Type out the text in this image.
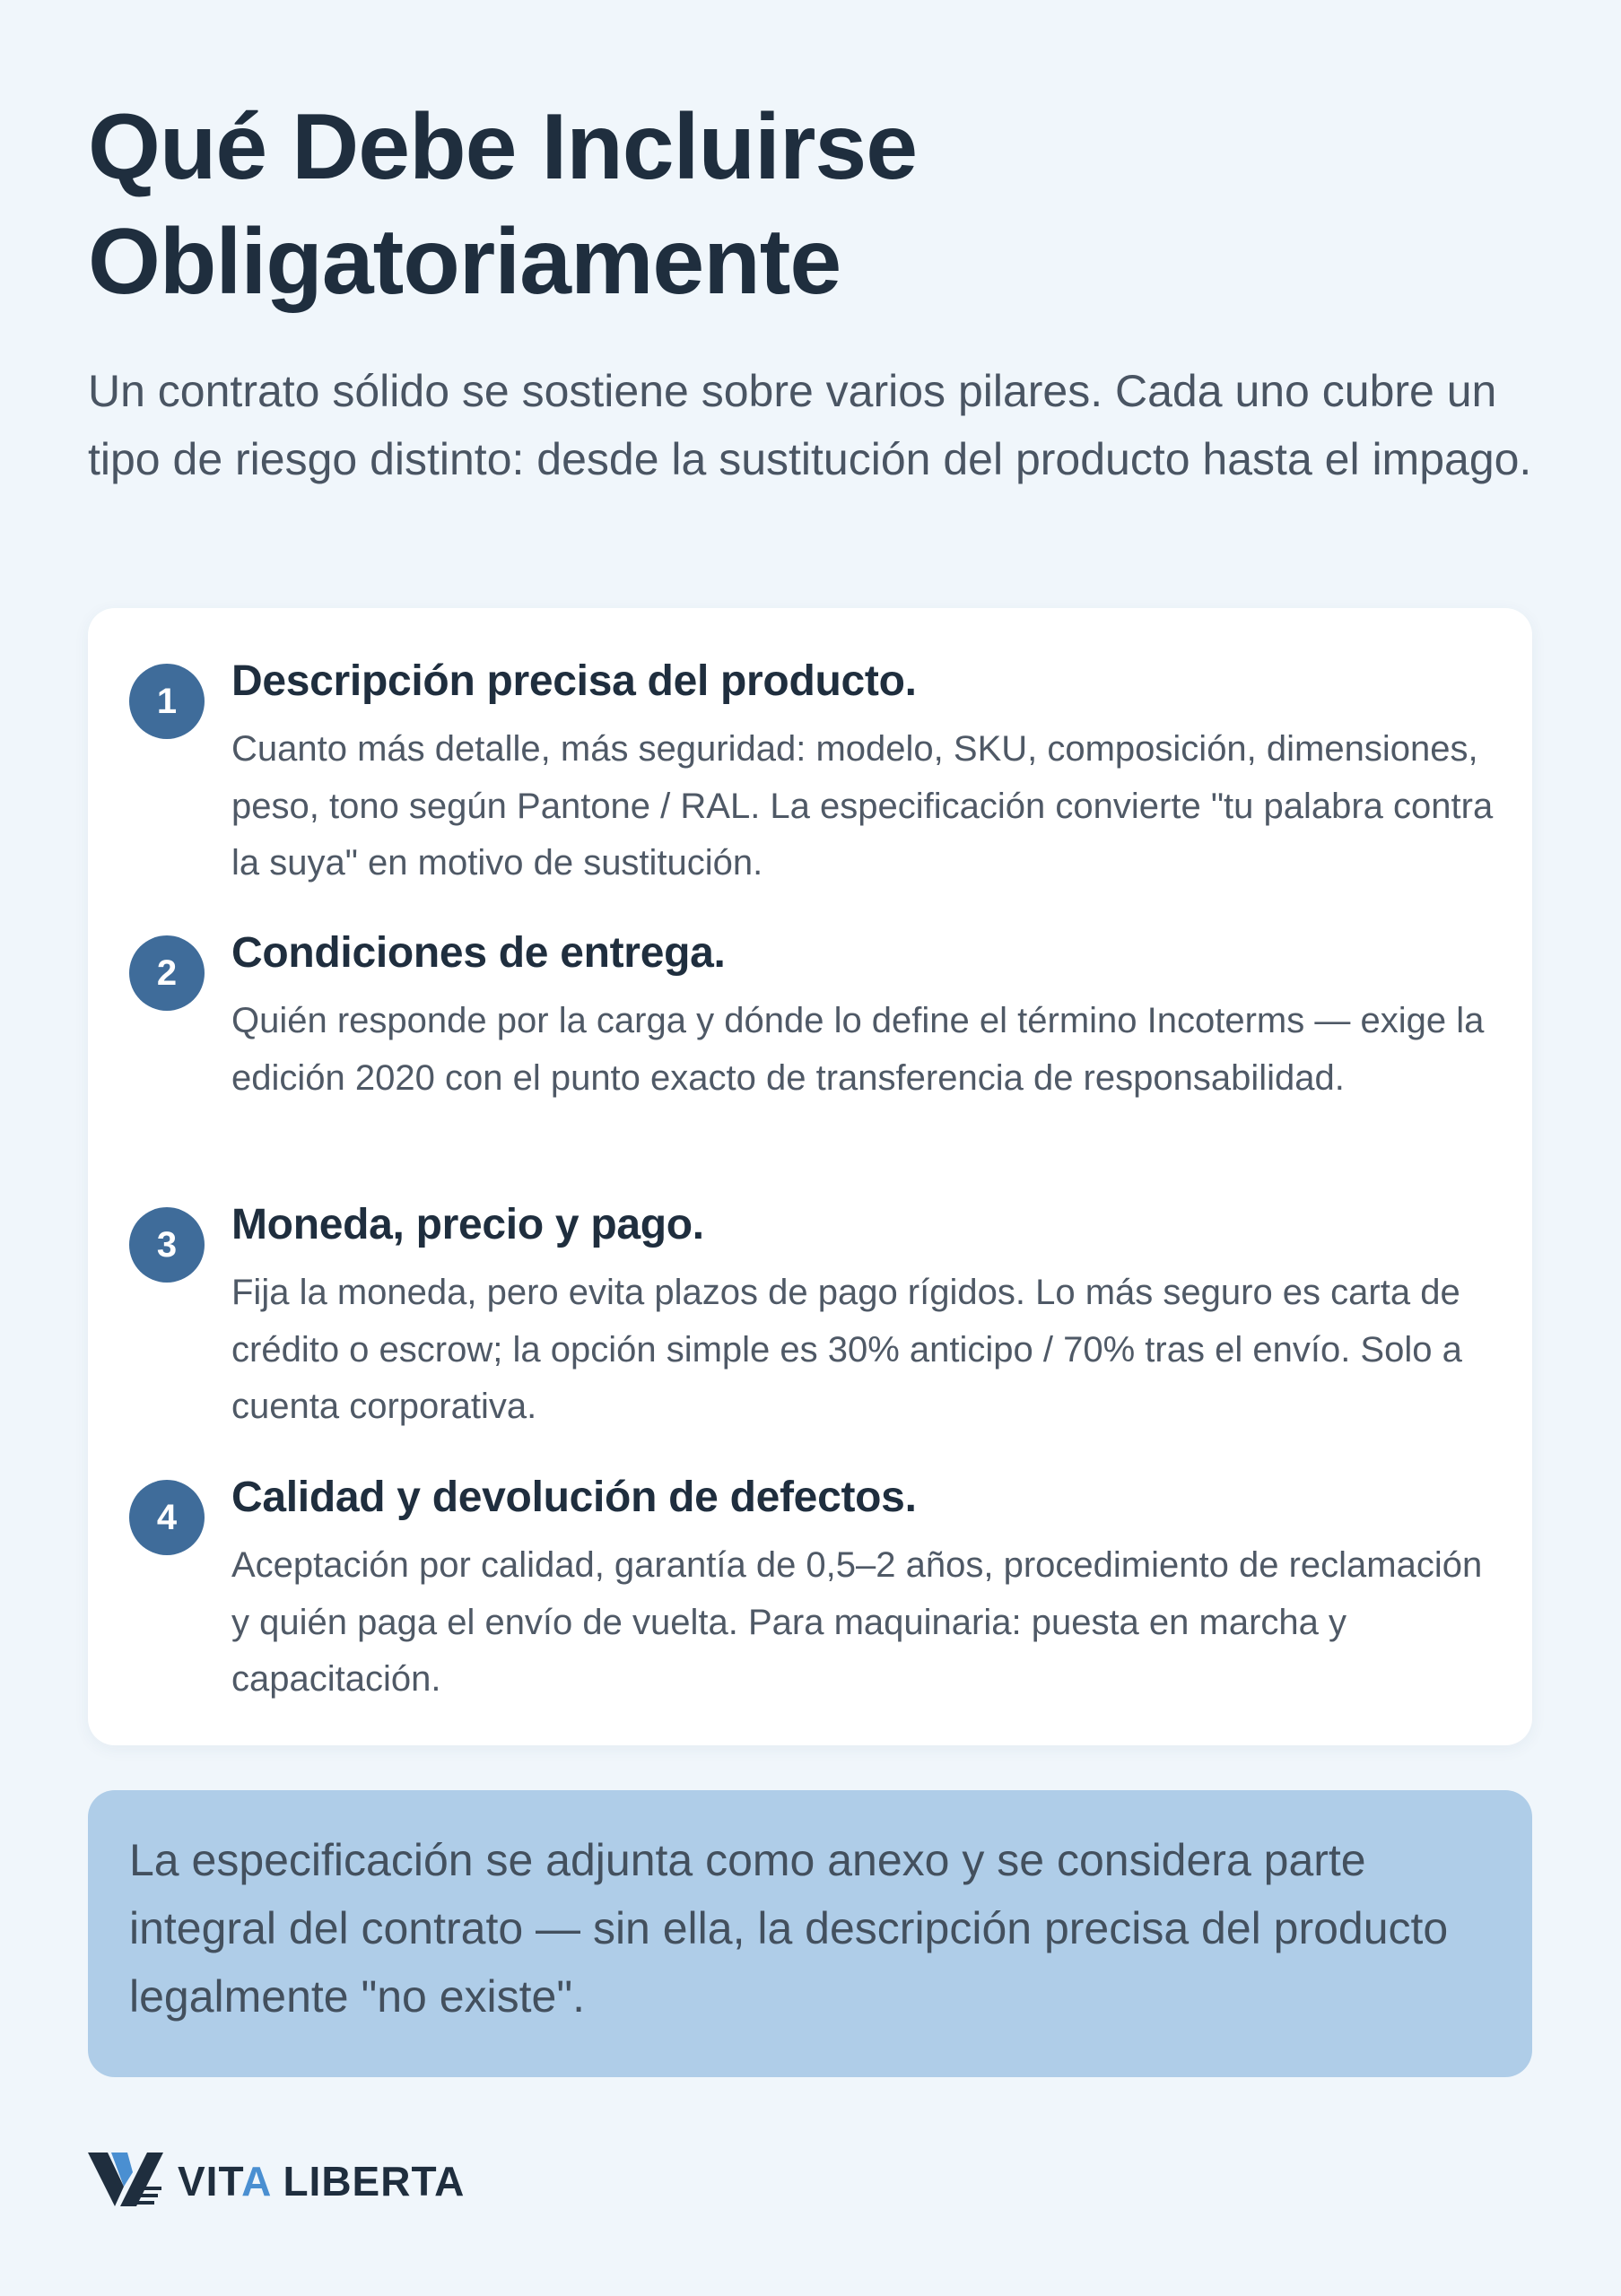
Qué Debe Incluirse
Obligatoriamente

Un contrato sólido se sostiene sobre varios pilares. Cada uno cubre un tipo de riesgo distinto: desde la sustitución del producto hasta el impago.

1	Descripción precisa del producto.

Cuanto más detalle, más seguridad: modelo, SKU, composición, dimensiones, peso, tono según Pantone / RAL. La especificación convierte "tu palabra contra la suya" en motivo de sustitución.

2	Condiciones de entrega.

Quién responde por la carga y dónde lo define el término Incoterms — exige la edición 2020 con el punto exacto de transferencia de responsabilidad.

3	Moneda, precio y pago.

Fija la moneda, pero evita plazos de pago rígidos. Lo más seguro es carta de crédito o escrow; la opción simple es 30% anticipo / 70% tras el envío. Solo a cuenta corporativa.

4	Calidad y devolución de defectos.

Aceptación por calidad, garantía de 0,5–2 años, procedimiento de reclamación y quién paga el envío de vuelta. Para maquinaria: puesta en marcha y capacitación.

La especificación se adjunta como anexo y se considera parte integral del contrato — sin ella, la descripción precisa del producto legalmente "no existe".

VITA LIBERTA
